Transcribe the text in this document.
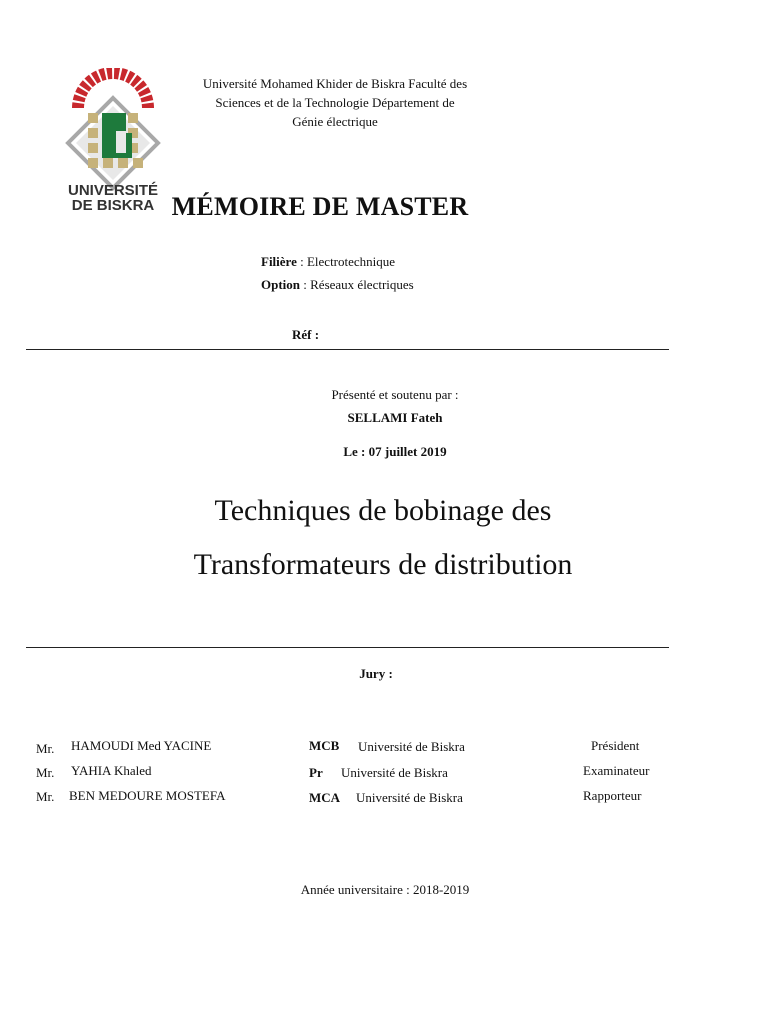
UNIVERSITÉ
DE BISKRA
Université Mohamed Khider de Biskra Faculté des
Sciences et de la Technologie Département de
Génie électrique
MÉMOIRE DE MASTER
Filière : Electrotechnique
Option : Réseaux électriques
Réf :
Présenté et soutenu par :
SELLAMI Fateh
Le : 07 juillet 2019
Techniques de bobinage des
Transformateurs de distribution
Jury :
Mr. HAMOUDI Med YACINE	MCB Université de Biskra	Président
Mr. YAHIA Khaled	Pr Université de Biskra	Examinateur
Mr. BEN MEDOURE MOSTEFA	MCA Université de Biskra	Rapporteur
Année universitaire : 2018-2019
